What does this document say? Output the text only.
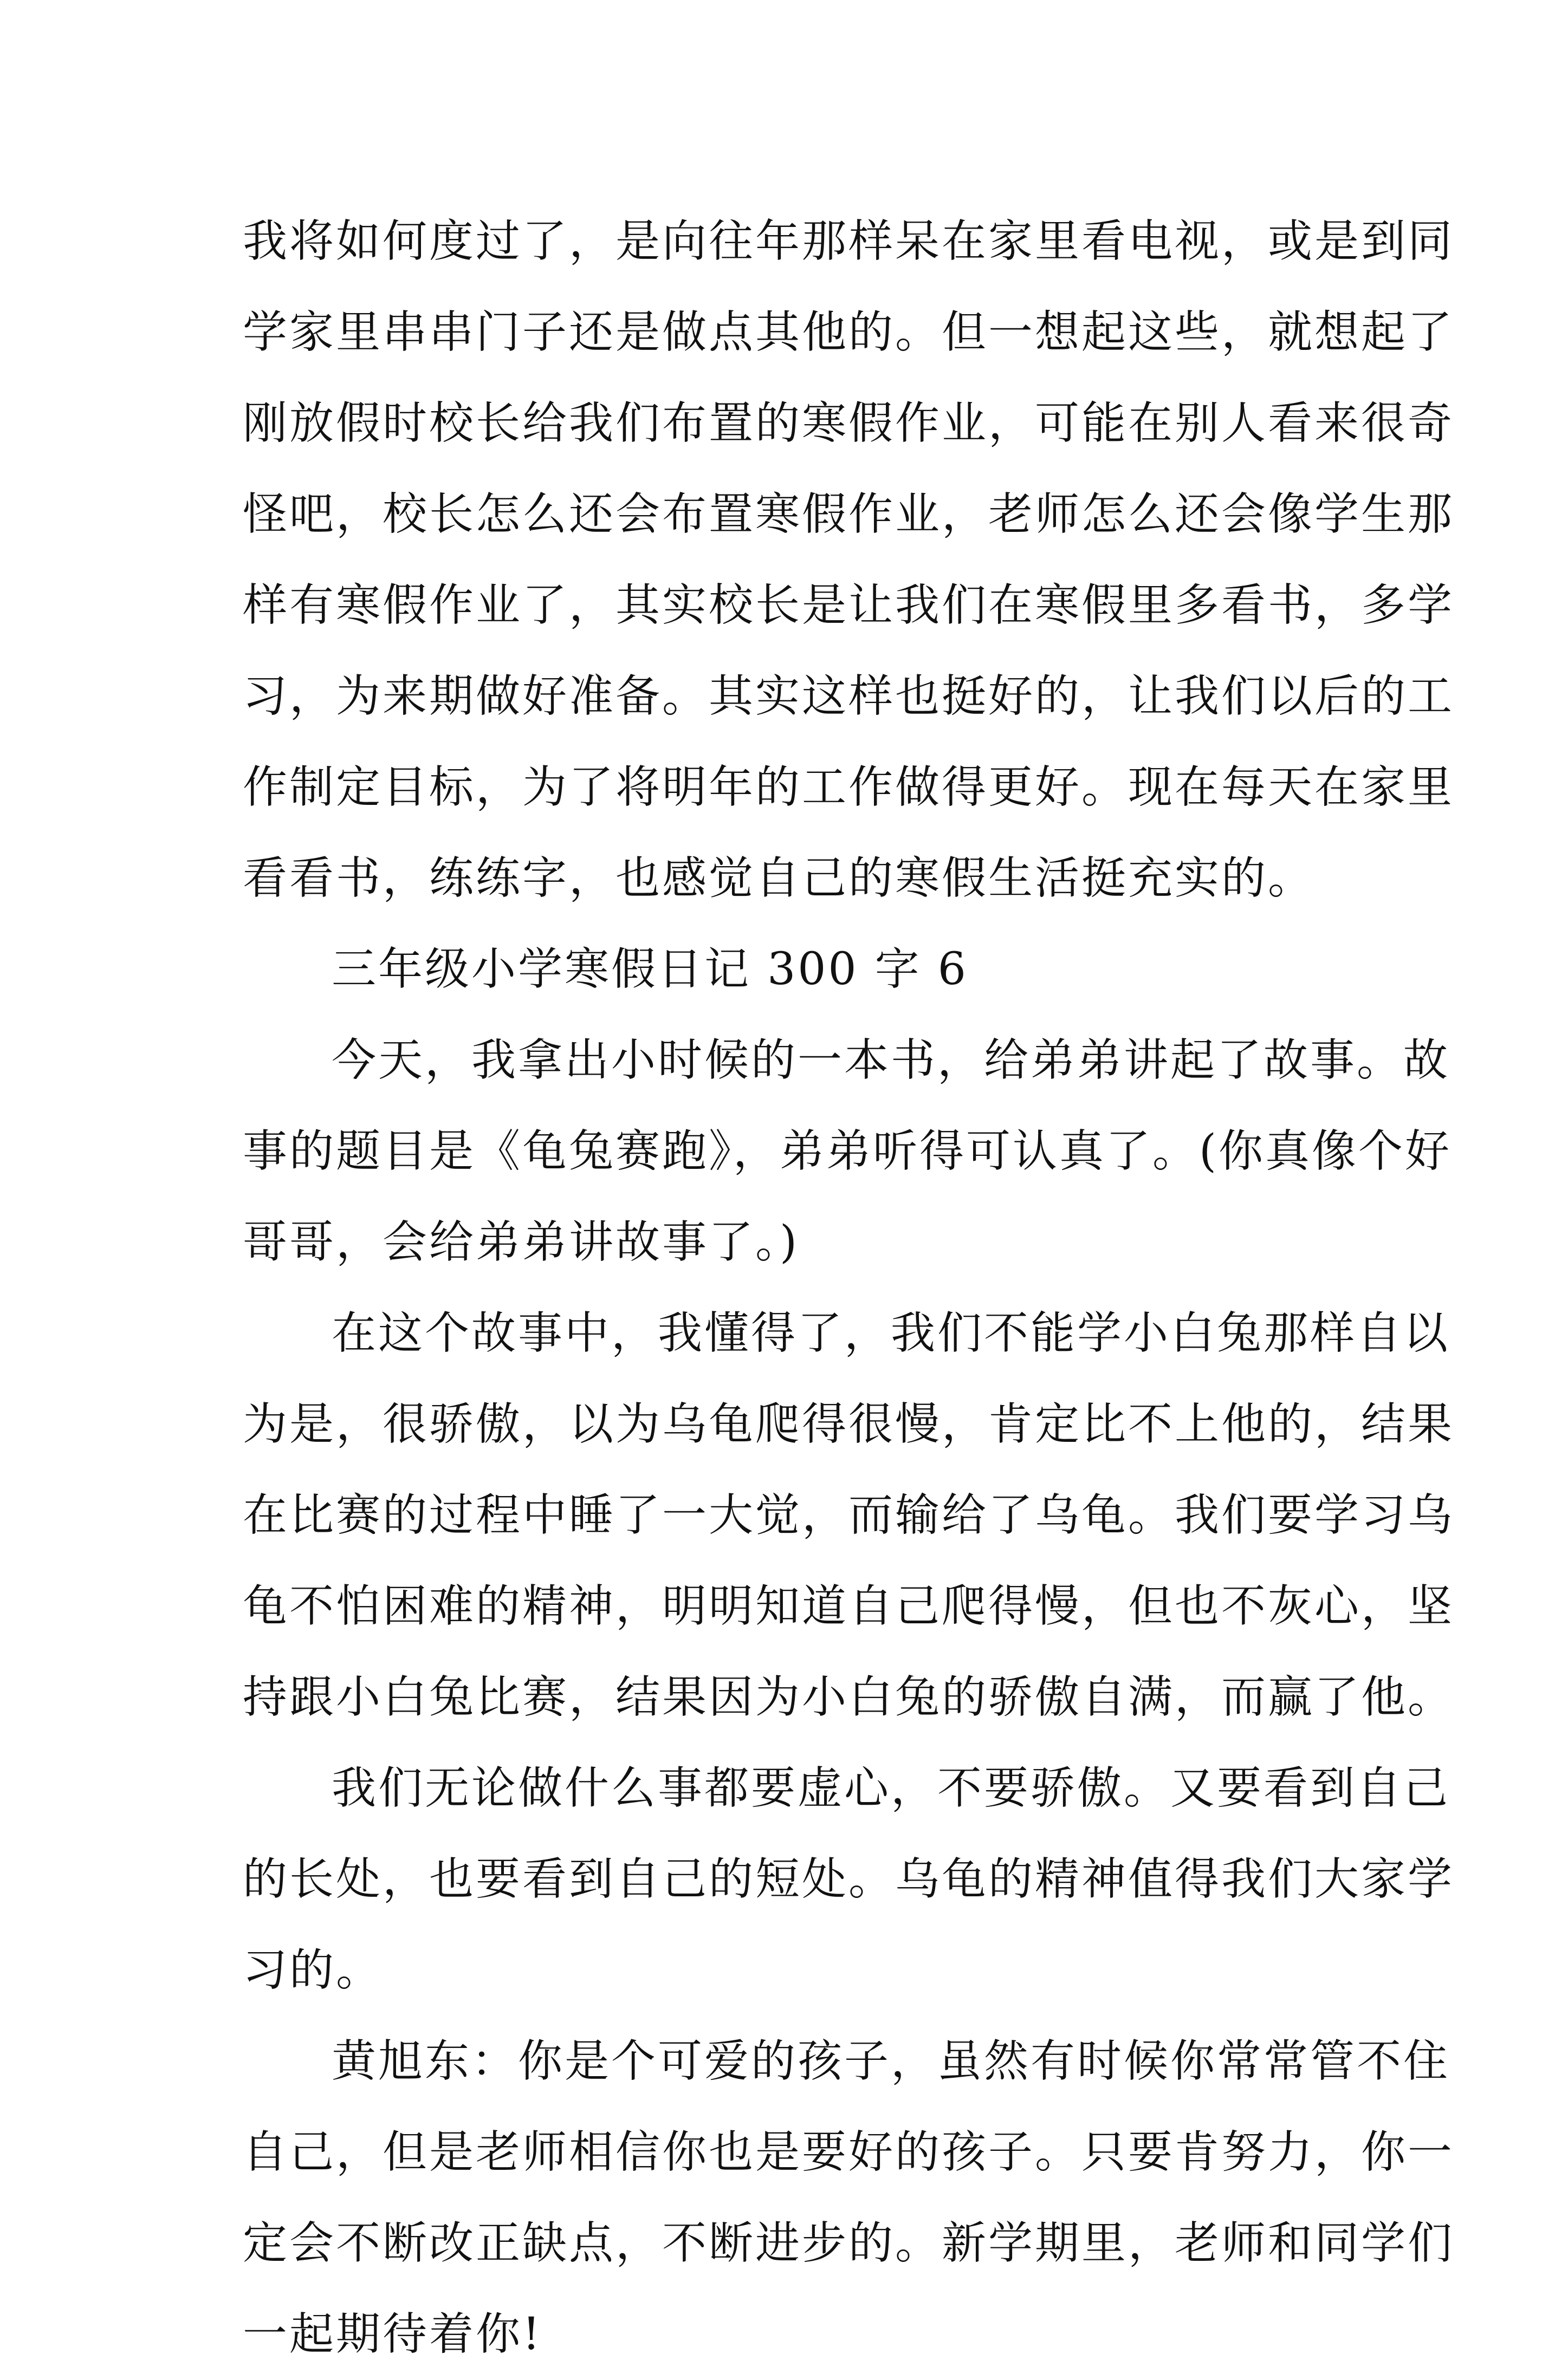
我将如何度过了，是向往年那样呆在家里看电视，或是到同
学家里串串门子还是做点其他的。但一想起这些，就想起了
刚放假时校长给我们布置的寒假作业，可能在别人看来很奇
怪吧，校长怎么还会布置寒假作业，老师怎么还会像学生那
样有寒假作业了，其实校长是让我们在寒假里多看书，多学
习，为来期做好准备。其实这样也挺好的，让我们以后的工
作制定目标，为了将明年的工作做得更好。现在每天在家里
看看书，练练字，也感觉自己的寒假生活挺充实的。
三年级小学寒假日记 300 字 6
今天，我拿出小时候的一本书，给弟弟讲起了故事。故
事的题目是《龟兔赛跑》，弟弟听得可认真了。(你真像个好
哥哥，会给弟弟讲故事了。)
在这个故事中，我懂得了，我们不能学小白兔那样自以
为是，很骄傲，以为乌龟爬得很慢，肯定比不上他的，结果
在比赛的过程中睡了一大觉，而输给了乌龟。我们要学习乌
龟不怕困难的精神，明明知道自己爬得慢，但也不灰心，坚
持跟小白兔比赛，结果因为小白兔的骄傲自满，而赢了他。
我们无论做什么事都要虚心，不要骄傲。又要看到自己
的长处，也要看到自己的短处。乌龟的精神值得我们大家学
习的。
黄旭东：你是个可爱的孩子，虽然有时候你常常管不住
自己，但是老师相信你也是要好的孩子。只要肯努力，你一
定会不断改正缺点，不断进步的。新学期里，老师和同学们
一起期待着你!
